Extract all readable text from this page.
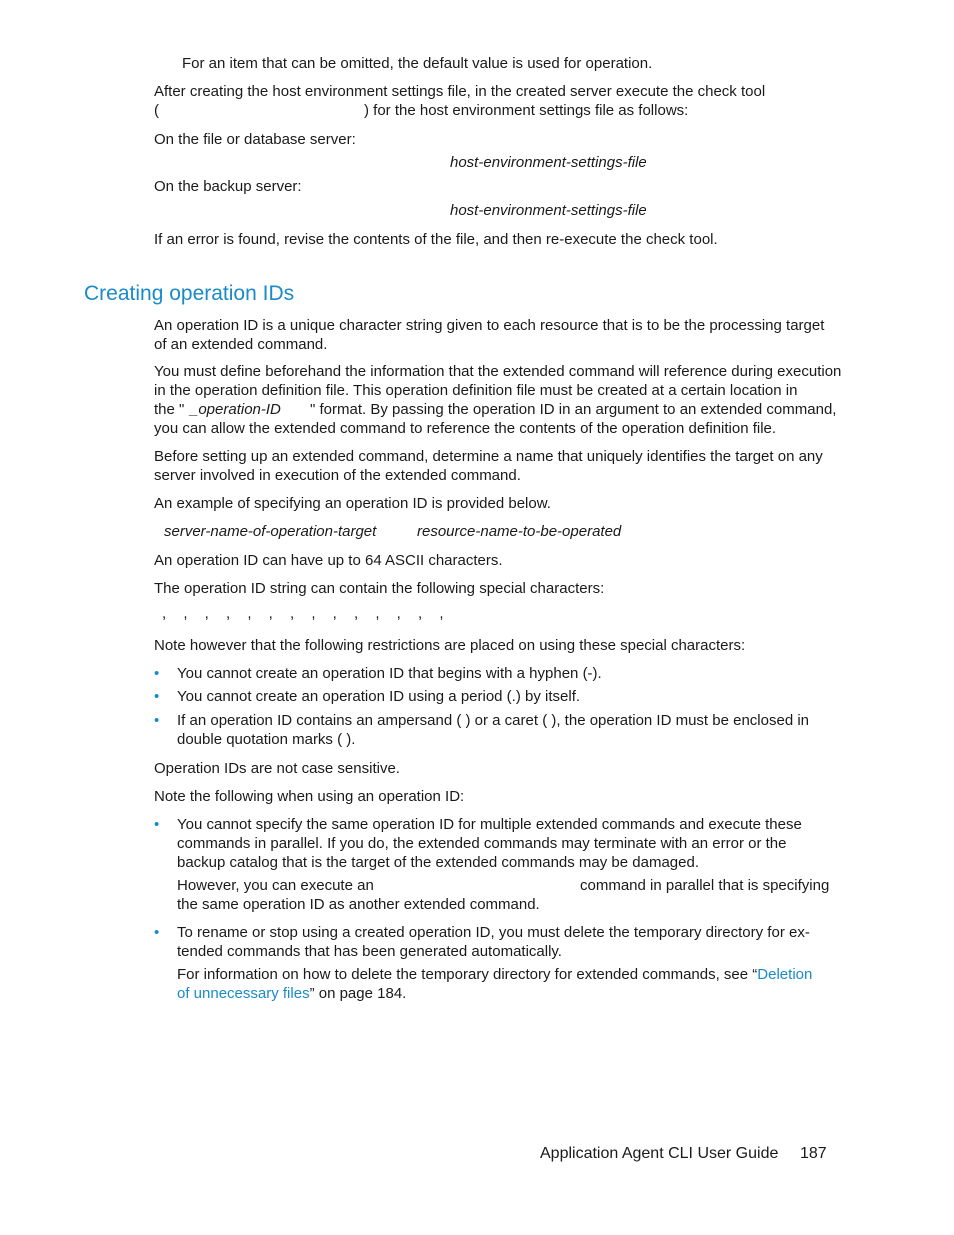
For an item that can be omitted, the default value is used for operation.
After creating the host environment settings file, in the created server execute the check tool
(	) for the host environment settings file as follows:
On the file or database server:
host-environment-settings-file
On the backup server:
host-environment-settings-file
If an error is found, revise the contents of the file, and then re-execute the check tool.
Creating operation IDs
An operation ID is a unique character string given to each resource that is to be the processing target of an extended command.
You must define beforehand the information that the extended command will reference during execution
in the operation definition file. This operation definition file must be created at a certain location in
the " _operation-ID " format. By passing the operation ID in an argument to an extended command,
you can allow the extended command to reference the contents of the operation definition file.
Before setting up an extended command, determine a name that uniquely identifies the target on any server involved in execution of the extended command.
An example of specifying an operation ID is provided below.
server-name-of-operation-target	resource-name-to-be-operated
An operation ID can have up to 64 ASCII characters.
The operation ID string can contain the following special characters:
, , , , , , , , , , , , , ,
Note however that the following restrictions are placed on using these special characters:
• You cannot create an operation ID that begins with a hyphen (-).
• You cannot create an operation ID using a period (.) by itself.
• If an operation ID contains an ampersand ( ) or a caret ( ), the operation ID must be enclosed in double quotation marks ( ).
Operation IDs are not case sensitive.
Note the following when using an operation ID:
• You cannot specify the same operation ID for multiple extended commands and execute these commands in parallel. If you do, the extended commands may terminate with an error or the backup catalog that is the target of the extended commands may be damaged.
However, you can execute an	command in parallel that is specifying
the same operation ID as another extended command.
• To rename or stop using a created operation ID, you must delete the temporary directory for ex- tended commands that has been generated automatically.
For information on how to delete the temporary directory for extended commands, see “Deletion
of unnecessary files” on page 184.
Application Agent CLI User Guide 187
